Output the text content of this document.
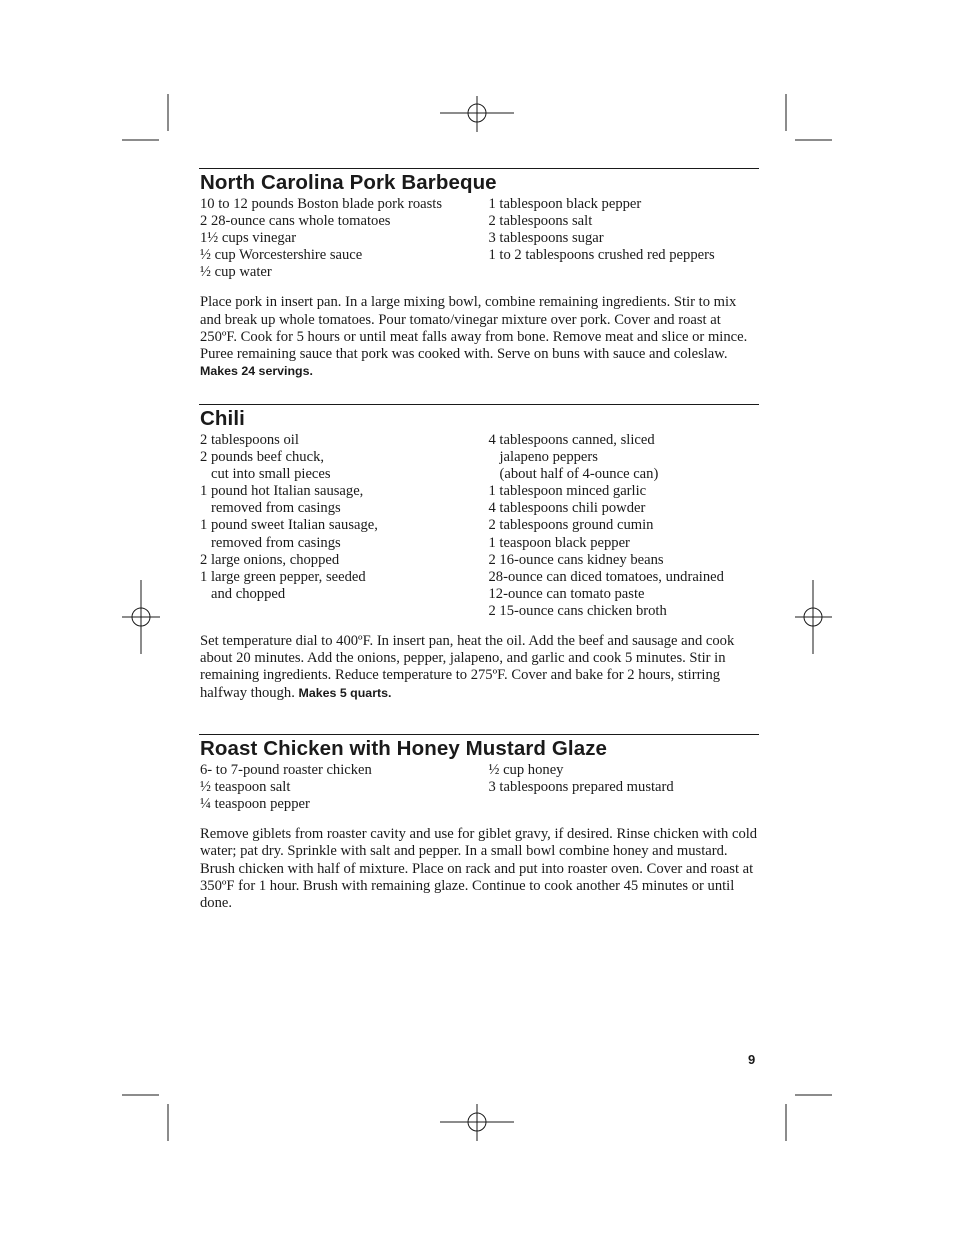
North Carolina Pork Barbeque
10 to 12 pounds Boston blade pork roasts
2 28-ounce cans whole tomatoes
1½ cups vinegar
½ cup Worcestershire sauce
½ cup water
1 tablespoon black pepper
2 tablespoons salt
3 tablespoons sugar
1 to 2 tablespoons crushed red peppers

Place pork in insert pan. In a large mixing bowl, combine remaining ingredients. Stir to mix and break up whole tomatoes. Pour tomato/vinegar mixture over pork. Cover and roast at 250ºF. Cook for 5 hours or until meat falls away from bone. Remove meat and slice or mince. Puree remaining sauce that pork was cooked with. Serve on buns with sauce and coleslaw. Makes 24 servings.

Chili
2 tablespoons oil
2 pounds beef chuck,
cut into small pieces
1 pound hot Italian sausage,
removed from casings
1 pound sweet Italian sausage,
removed from casings
2 large onions, chopped
1 large green pepper, seeded
and chopped
4 tablespoons canned, sliced
jalapeno peppers
(about half of 4-ounce can)
1 tablespoon minced garlic
4 tablespoons chili powder
2 tablespoons ground cumin
1 teaspoon black pepper
2 16-ounce cans kidney beans
28-ounce can diced tomatoes, undrained
12-ounce can tomato paste
2 15-ounce cans chicken broth

Set temperature dial to 400ºF. In insert pan, heat the oil. Add the beef and sausage and cook about 20 minutes. Add the onions, pepper, jalapeno, and garlic and cook 5 minutes. Stir in remaining ingredients. Reduce temperature to 275ºF. Cover and bake for 2 hours, stirring halfway though. Makes 5 quarts.

Roast Chicken with Honey Mustard Glaze
6- to 7-pound roaster chicken
½ teaspoon salt
¼ teaspoon pepper
½ cup honey
3 tablespoons prepared mustard

Remove giblets from roaster cavity and use for giblet gravy, if desired. Rinse chicken with cold water; pat dry. Sprinkle with salt and pepper. In a small bowl combine honey and mustard. Brush chicken with half of mixture. Place on rack and put into roaster oven. Cover and roast at 350ºF for 1 hour. Brush with remaining glaze. Continue to cook another 45 minutes or until done.

9
